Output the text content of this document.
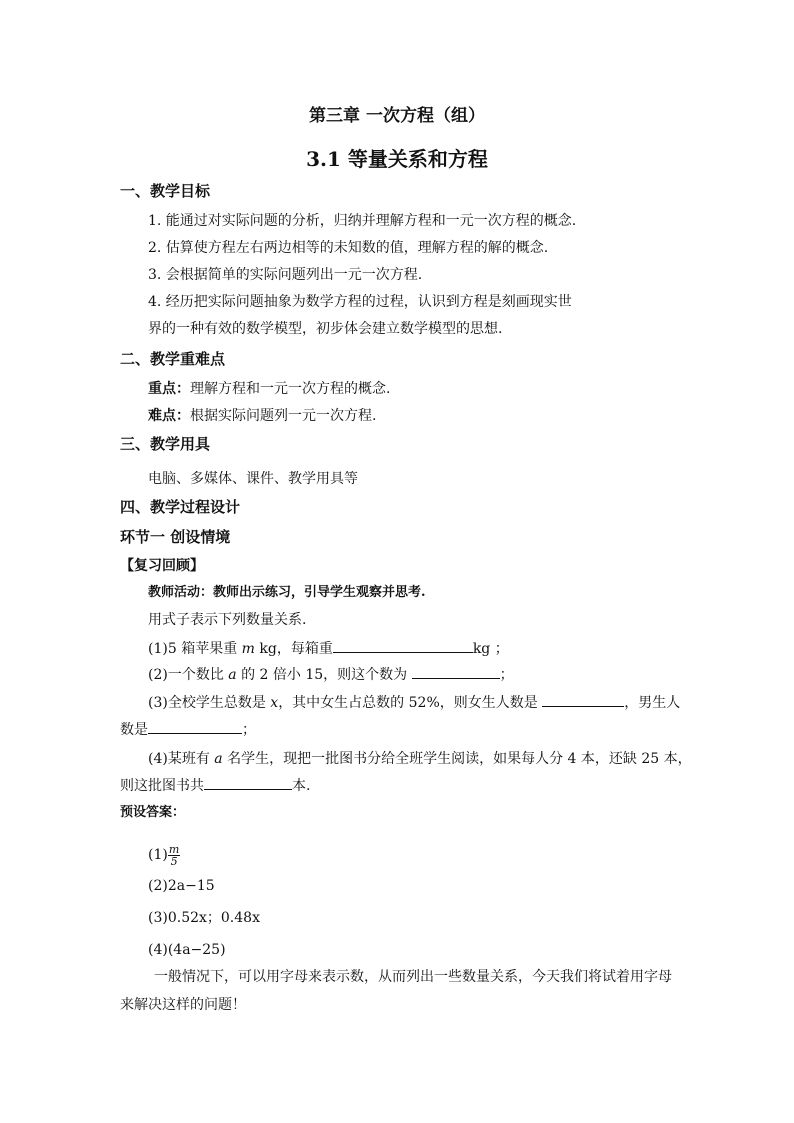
第三章 一次方程（组）
3.1 等量关系和方程
一、教学目标
1. 能通过对实际问题的分析，归纳并理解方程和一元一次方程的概念.
2. 估算使方程左右两边相等的未知数的值，理解方程的解的概念.
3. 会根据简单的实际问题列出一元一次方程.
4. 经历把实际问题抽象为数学方程的过程，认识到方程是刻画现实世
界的一种有效的数学模型，初步体会建立数学模型的思想.
二、教学重难点
重点：理解方程和一元一次方程的概念.
难点：根据实际问题列一元一次方程.
三、教学用具
电脑、多媒体、课件、教学用具等
四、教学过程设计
环节一 创设情境
【复习回顾】
教师活动：教师出示练习，引导学生观察并思考.
用式子表示下列数量关系.
(1)5 箱苹果重 m kg，每箱重	kg ；
(2)一个数比 a 的 2 倍小 15，则这个数为	；
(3)全校学生总数是 x，其中女生占总数的 52%，则女生人数是	，男生人
数是	；
(4)某班有 a 名学生，现把一批图书分给全班学生阅读，如果每人分 4 本，还缺 25 本，
则这批图书共	本.
预设答案：
$(1) \frac{m}{5}$
(2)2a−15
(3)0.52x；0.48x
(4)(4a−25)
一般情况下，可以用字母来表示数，从而列出一些数量关系，今天我们将试着用字母
来解决这样的问题！
